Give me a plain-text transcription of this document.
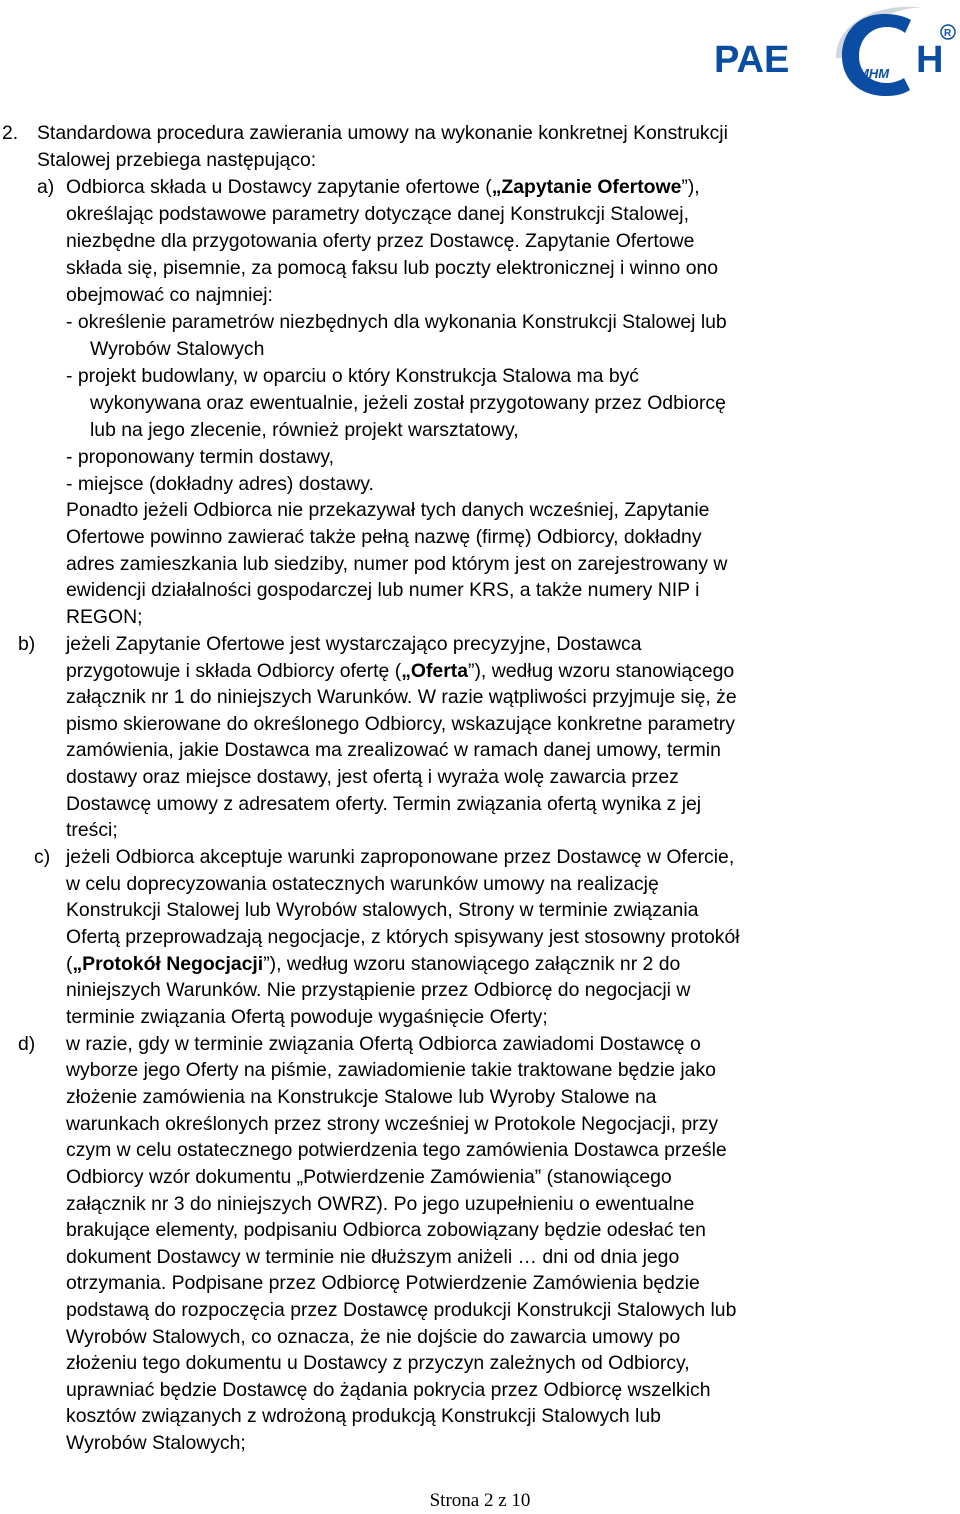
PAE	H
MHM
R
2. Standardowa procedura zawierania umowy na wykonanie konkretnej Konstrukcji
Stalowej przebiega następująco:
a) Odbiorca składa u Dostawcy zapytanie ofertowe („Zapytanie Ofertowe”),
określając podstawowe parametry dotyczące danej Konstrukcji Stalowej,
niezbędne dla przygotowania oferty przez Dostawcę. Zapytanie Ofertowe
składa się, pisemnie, za pomocą faksu lub poczty elektronicznej i winno ono
obejmować co najmniej:
- określenie parametrów niezbędnych dla wykonania Konstrukcji Stalowej lub
Wyrobów Stalowych
- projekt budowlany, w oparciu o który Konstrukcja Stalowa ma być
wykonywana oraz ewentualnie, jeżeli został przygotowany przez Odbiorcę
lub na jego zlecenie, również projekt warsztatowy,
- proponowany termin dostawy,
- miejsce (dokładny adres) dostawy.
Ponadto jeżeli Odbiorca nie przekazywał tych danych wcześniej, Zapytanie
Ofertowe powinno zawierać także pełną nazwę (firmę) Odbiorcy, dokładny
adres zamieszkania lub siedziby, numer pod którym jest on zarejestrowany w
ewidencji działalności gospodarczej lub numer KRS, a także numery NIP i
REGON;
b) jeżeli Zapytanie Ofertowe jest wystarczająco precyzyjne, Dostawca
przygotowuje i składa Odbiorcy ofertę („Oferta”), według wzoru stanowiącego
załącznik nr 1 do niniejszych Warunków. W razie wątpliwości przyjmuje się, że
pismo skierowane do określonego Odbiorcy, wskazujące konkretne parametry
zamówienia, jakie Dostawca ma zrealizować w ramach danej umowy, termin
dostawy oraz miejsce dostawy, jest ofertą i wyraża wolę zawarcia przez
Dostawcę umowy z adresatem oferty. Termin związania ofertą wynika z jej
treści;
c) jeżeli Odbiorca akceptuje warunki zaproponowane przez Dostawcę w Ofercie,
w celu doprecyzowania ostatecznych warunków umowy na realizację
Konstrukcji Stalowej lub Wyrobów stalowych, Strony w terminie związania
Ofertą przeprowadzają negocjacje, z których spisywany jest stosowny protokół
(„Protokół Negocjacji”), według wzoru stanowiącego załącznik nr 2 do
niniejszych Warunków. Nie przystąpienie przez Odbiorcę do negocjacji w
terminie związania Ofertą powoduje wygaśnięcie Oferty;
d) w razie, gdy w terminie związania Ofertą Odbiorca zawiadomi Dostawcę o
wyborze jego Oferty na piśmie, zawiadomienie takie traktowane będzie jako
złożenie zamówienia na Konstrukcje Stalowe lub Wyroby Stalowe na
warunkach określonych przez strony wcześniej w Protokole Negocjacji, przy
czym w celu ostatecznego potwierdzenia tego zamówienia Dostawca prześle
Odbiorcy wzór dokumentu „Potwierdzenie Zamówienia” (stanowiącego
załącznik nr 3 do niniejszych OWRZ). Po jego uzupełnieniu o ewentualne
brakujące elementy, podpisaniu Odbiorca zobowiązany będzie odesłać ten
dokument Dostawcy w terminie nie dłuższym aniżeli … dni od dnia jego
otrzymania. Podpisane przez Odbiorcę Potwierdzenie Zamówienia będzie
podstawą do rozpoczęcia przez Dostawcę produkcji Konstrukcji Stalowych lub
Wyrobów Stalowych, co oznacza, że nie dojście do zawarcia umowy po
złożeniu tego dokumentu u Dostawcy z przyczyn zależnych od Odbiorcy,
uprawniać będzie Dostawcę do żądania pokrycia przez Odbiorcę wszelkich
kosztów związanych z wdrożoną produkcją Konstrukcji Stalowych lub
Wyrobów Stalowych;
Strona 2 z 10
